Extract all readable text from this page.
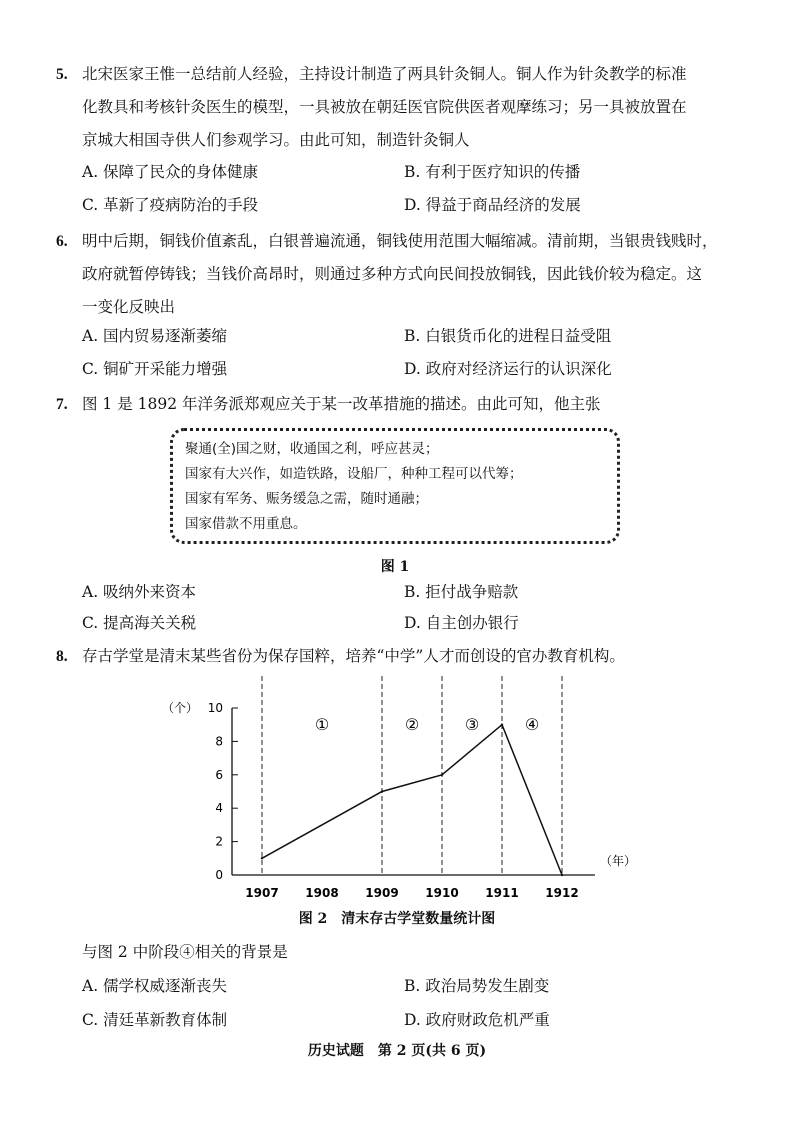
5. 北宋医家王惟一总结前人经验，主持设计制造了两具针灸铜人。铜人作为针灸教学的标准
化教具和考核针灸医生的模型，一具被放在朝廷医官院供医者观摩练习；另一具被放置在
京城大相国寺供人们参观学习。由此可知，制造针灸铜人
A. 保障了民众的身体健康	B. 有利于医疗知识的传播
C. 革新了疫病防治的手段	D. 得益于商品经济的发展
6. 明中后期，铜钱价值紊乱，白银普遍流通，铜钱使用范围大幅缩减。清前期，当银贵钱贱时，
政府就暂停铸钱；当钱价高昂时，则通过多种方式向民间投放铜钱，因此钱价较为稳定。这
一变化反映出
A. 国内贸易逐渐萎缩	B. 白银货币化的进程日益受阻
C. 铜矿开采能力增强	D. 政府对经济运行的认识深化
7. 图 1 是 1892 年洋务派郑观应关于某一改革措施的描述。由此可知，他主张
聚通(全)国之财，收通国之利，呼应甚灵；
国家有大兴作，如造铁路，设船厂，种种工程可以代筹；
国家有军务、赈务缓急之需，随时通融；
国家借款不用重息。
图 1
A. 吸纳外来资本	B. 拒付战争赔款
C. 提高海关关税	D. 自主创办银行
8. 存古学堂是清末某些省份为保存国粹，培养“中学”人才而创设的官办教育机构。
（个）
（年）
0
2
4
6
8
10
1907 1908 1909 1910 1911 1912
①	②	③	④
图 2　清末存古学堂数量统计图
与图 2 中阶段④相关的背景是
A. 儒学权威逐渐丧失	B. 政治局势发生剧变
C. 清廷革新教育体制	D. 政府财政危机严重
历史试题　第 2 页(共 6 页)
